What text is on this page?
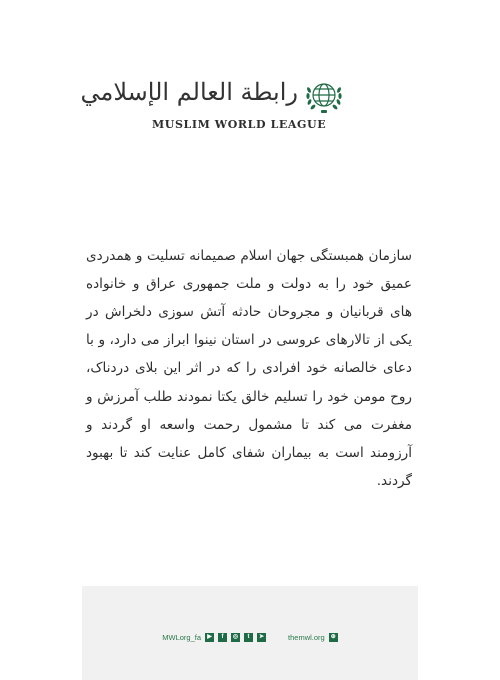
رابطة العالم الإسلامي
MUSLIM WORLD LEAGUE

سازمان همبستگی جهان اسلام صمیمانه تسلیت و همدردی عمیق خود را به دولت و ملت جمهوری عراق و خانواده های قربانیان و مجروحان حادثه آتش سوزی دلخراش در یکی از تالارهای عروسی در استان نینوا ابراز می دارد، و با دعای خالصانه خود افرادی را که در اثر این بلای دردناک، روح مومن خود را تسلیم خالق یکتا نمودند طلب آمرزش و مغفرت می کند تا مشمول رحمت واسعه او گردند و آرزومند است به بیماران شفای کامل عنایت کند تا بهبود گردند.

MWLorg_fa	▶	f	◎	t	➤	themwl.org ⊕
